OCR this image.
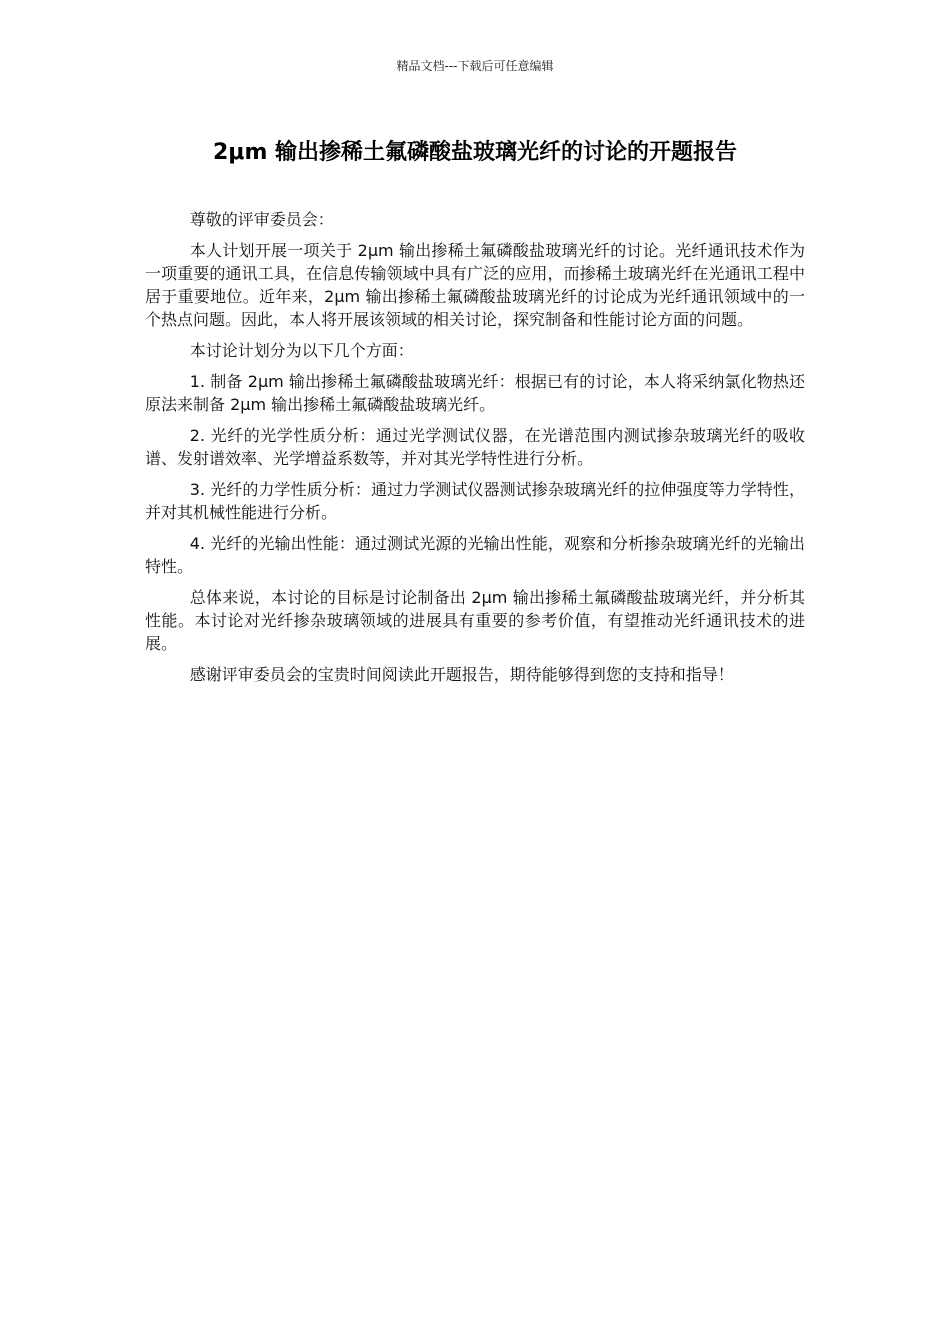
精品文档---下载后可任意编辑
2μm 输出掺稀土氟磷酸盐玻璃光纤的讨论的开题报告

尊敬的评审委员会：

本人计划开展一项关于 2μm 输出掺稀土氟磷酸盐玻璃光纤的讨论。光纤通讯技术作为一项重要的通讯工具，在信息传输领域中具有广泛的应用，而掺稀土玻璃光纤在光通讯工程中居于重要地位。近年来，2μm 输出掺稀土氟磷酸盐玻璃光纤的讨论成为光纤通讯领域中的一个热点问题。因此，本人将开展该领域的相关讨论，探究制备和性能讨论方面的问题。

本讨论计划分为以下几个方面：

1. 制备 2μm 输出掺稀土氟磷酸盐玻璃光纤：根据已有的讨论，本人将采纳氯化物热还原法来制备 2μm 输出掺稀土氟磷酸盐玻璃光纤。

2. 光纤的光学性质分析：通过光学测试仪器，在光谱范围内测试掺杂玻璃光纤的吸收谱、发射谱效率、光学增益系数等，并对其光学特性进行分析。

3. 光纤的力学性质分析：通过力学测试仪器测试掺杂玻璃光纤的拉伸强度等力学特性，并对其机械性能进行分析。

4. 光纤的光输出性能：通过测试光源的光输出性能，观察和分析掺杂玻璃光纤的光输出特性。

总体来说，本讨论的目标是讨论制备出 2μm 输出掺稀土氟磷酸盐玻璃光纤，并分析其性能。本讨论对光纤掺杂玻璃领域的进展具有重要的参考价值，有望推动光纤通讯技术的进展。

感谢评审委员会的宝贵时间阅读此开题报告，期待能够得到您的支持和指导！
